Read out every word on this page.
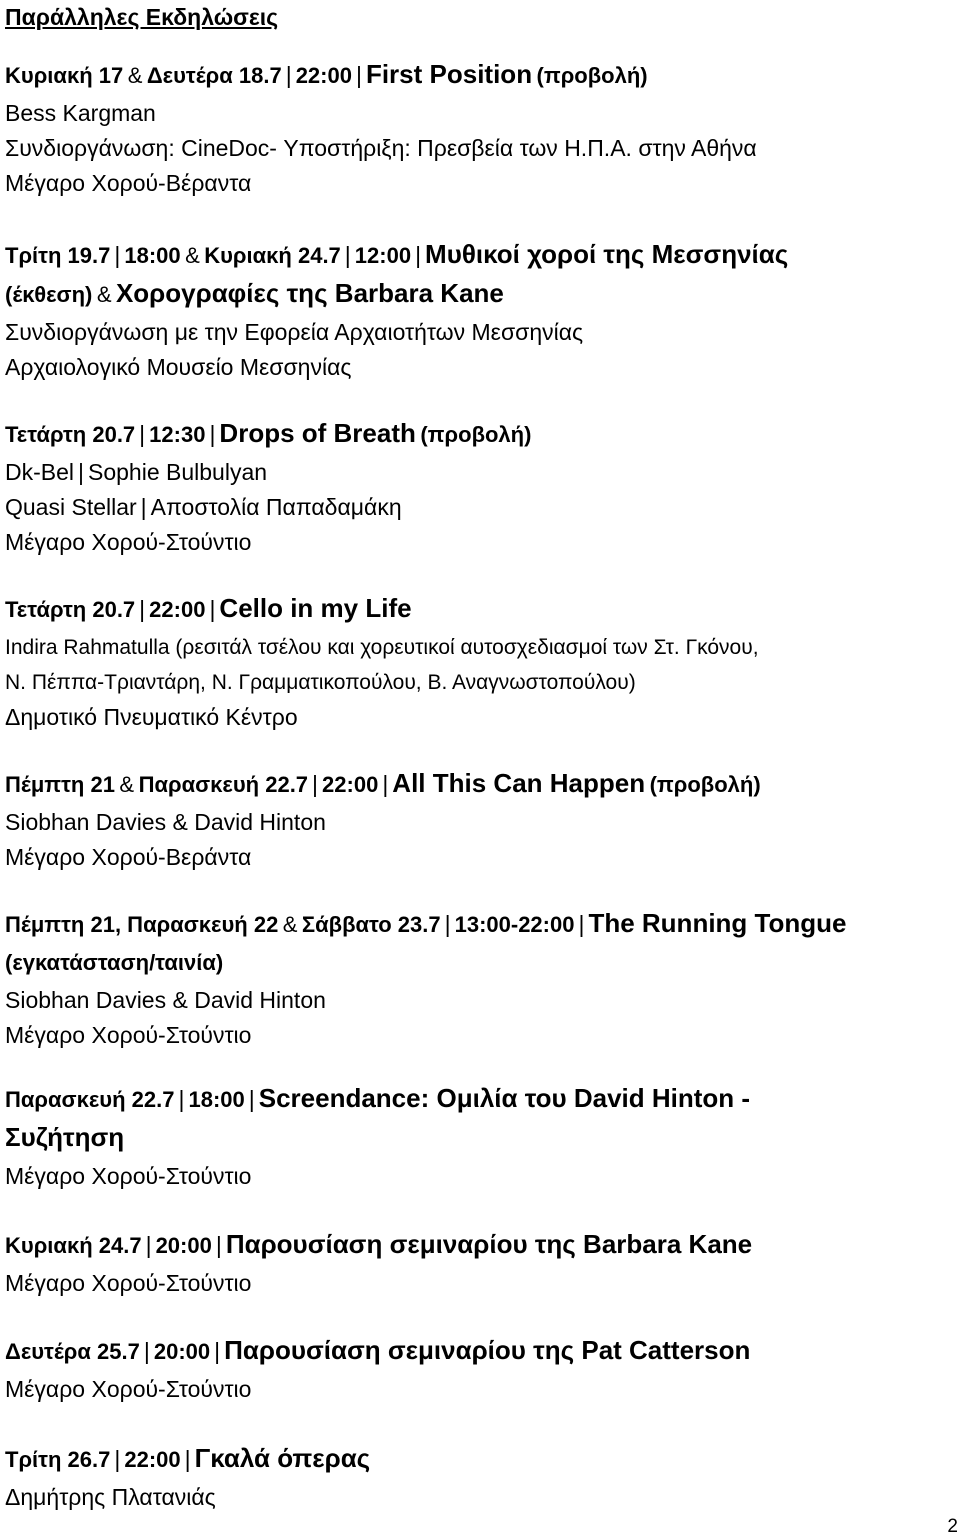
Παράλληλες Εκδηλώσεις
Κυριακή 17 & Δευτέρα 18.7 | 22:00 | First Position (προβολή)
Bess Kargman
Συνδιοργάνωση: CineDoc- Υποστήριξη: Πρεσβεία των Η.Π.Α. στην Αθήνα
Μέγαρο Χορού-Βέραντα
Τρίτη 19.7 | 18:00 & Κυριακή 24.7 | 12:00 | Μυθικοί χοροί της Μεσσηνίας
(έκθεση) & Χορογραφίες της Barbara Kane
Συνδιοργάνωση με την Εφορεία Αρχαιοτήτων Μεσσηνίας
Αρχαιολογικό Μουσείο Μεσσηνίας
Τετάρτη 20.7 | 12:30 | Drops of Breath (προβολή)
Dk-Bel | Sophie Bulbulyan
Quasi Stellar | Αποστολία Παπαδαμάκη
Μέγαρο Χορού-Στούντιο
Τετάρτη 20.7 | 22:00 | Cello in my Life
Indira Rahmatulla (ρεσιτάλ τσέλου και χορευτικοί αυτοσχεδιασμοί των Στ. Γκόνου,
Ν. Πέππα-Τριαντάρη, Ν. Γραμματικοπούλου, Β. Αναγνωστοπούλου)
Δημοτικό Πνευματικό Κέντρο
Πέμπτη 21 & Παρασκευή 22.7 | 22:00 | All This Can Happen (προβολή)
Siobhan Davies & David Hinton
Μέγαρο Χορού-Βεράντα
Πέμπτη 21, Παρασκευή 22 & Σάββατο 23.7 | 13:00-22:00 | The Running Tongue
(εγκατάσταση/ταινία)
Siobhan Davies & David Hinton
Μέγαρο Χορού-Στούντιο
Παρασκευή 22.7 | 18:00 | Screendance: Ομιλία του David Hinton -
Συζήτηση
Μέγαρο Χορού-Στούντιο
Κυριακή 24.7 | 20:00 | Παρουσίαση σεμιναρίου της Barbara Kane
Μέγαρο Χορού-Στούντιο
Δευτέρα 25.7 | 20:00 | Παρουσίαση σεμιναρίου της Pat Catterson
Μέγαρο Χορού-Στούντιο
Τρίτη 26.7 | 22:00 | Γκαλά όπερας
Δημήτρης Πλατανιάς
2
